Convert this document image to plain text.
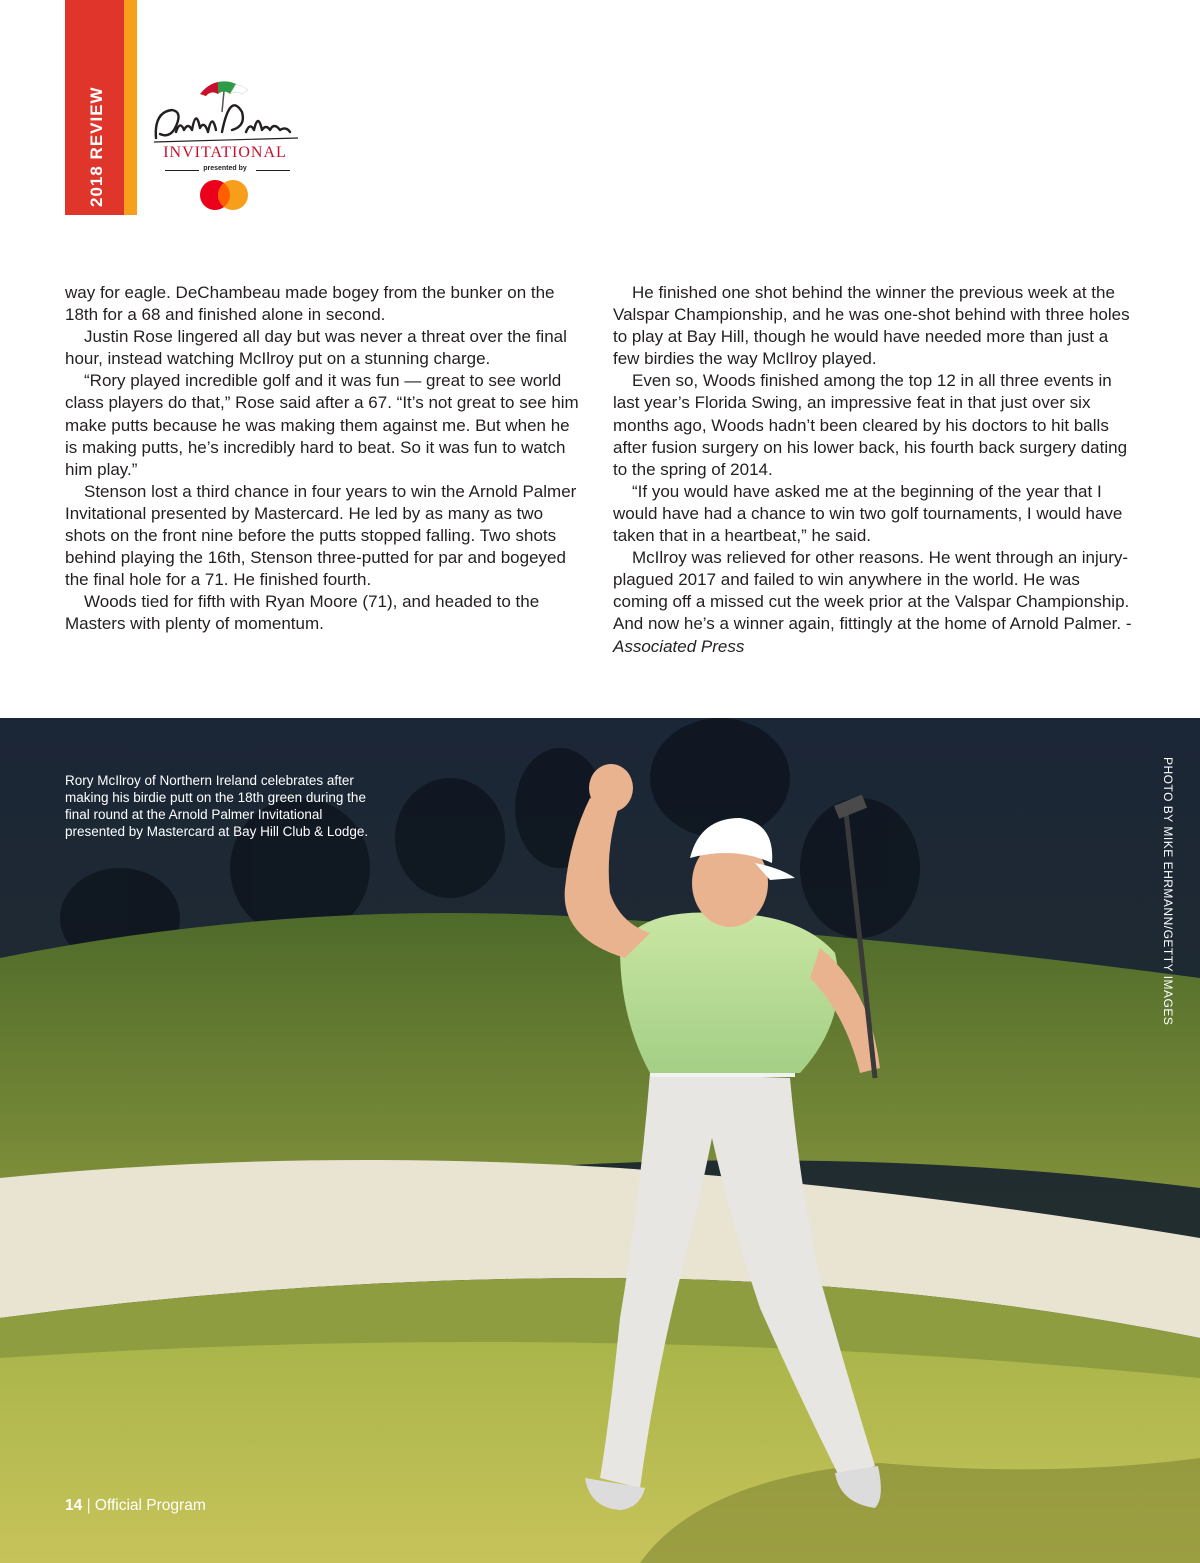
2018 REVIEW	INVITATIONAL
presented by

way for eagle. DeChambeau made bogey from the bunker on the 18th for a 68 and finished alone in second.

Justin Rose lingered all day but was never a threat over the final hour, instead watching McIlroy put on a stunning charge.

“Rory played incredible golf and it was fun — great to see world class players do that,” Rose said after a 67. “It’s not great to see him make putts because he was making them against me. But when he is making putts, he’s incredibly hard to beat. So it was fun to watch him play.”

Stenson lost a third chance in four years to win the Arnold Palmer Invitational presented by Mastercard. He led by as many as two shots on the front nine before the putts stopped falling. Two shots behind playing the 16th, Stenson three-putted for par and bogeyed the final hole for a 71. He finished fourth.

Woods tied for fifth with Ryan Moore (71), and headed to the Masters with plenty of momentum.

He finished one shot behind the winner the previous week at the Valspar Championship, and he was one-shot behind with three holes to play at Bay Hill, though he would have needed more than just a few birdies the way McIlroy played.

Even so, Woods finished among the top 12 in all three events in last year’s Florida Swing, an impressive feat in that just over six months ago, Woods hadn’t been cleared by his doctors to hit balls after fusion surgery on his lower back, his fourth back surgery dating to the spring of 2014.

“If you would have asked me at the beginning of the year that I would have had a chance to win two golf tournaments, I would have taken that in a heartbeat,” he said.

McIlroy was relieved for other reasons. He went through an injury-plagued 2017 and failed to win anywhere in the world. He was coming off a missed cut the week prior at the Valspar Championship. And now he’s a winner again, fittingly at the home of Arnold Palmer. - Associated Press

Rory McIlroy of Northern Ireland celebrates after making his birdie putt on the 18th green during the final round at the Arnold Palmer Invitational presented by Mastercard at Bay Hill Club & Lodge.	PHOTO BY MIKE EHRMANN/GETTY IMAGES
14 | Official Program
